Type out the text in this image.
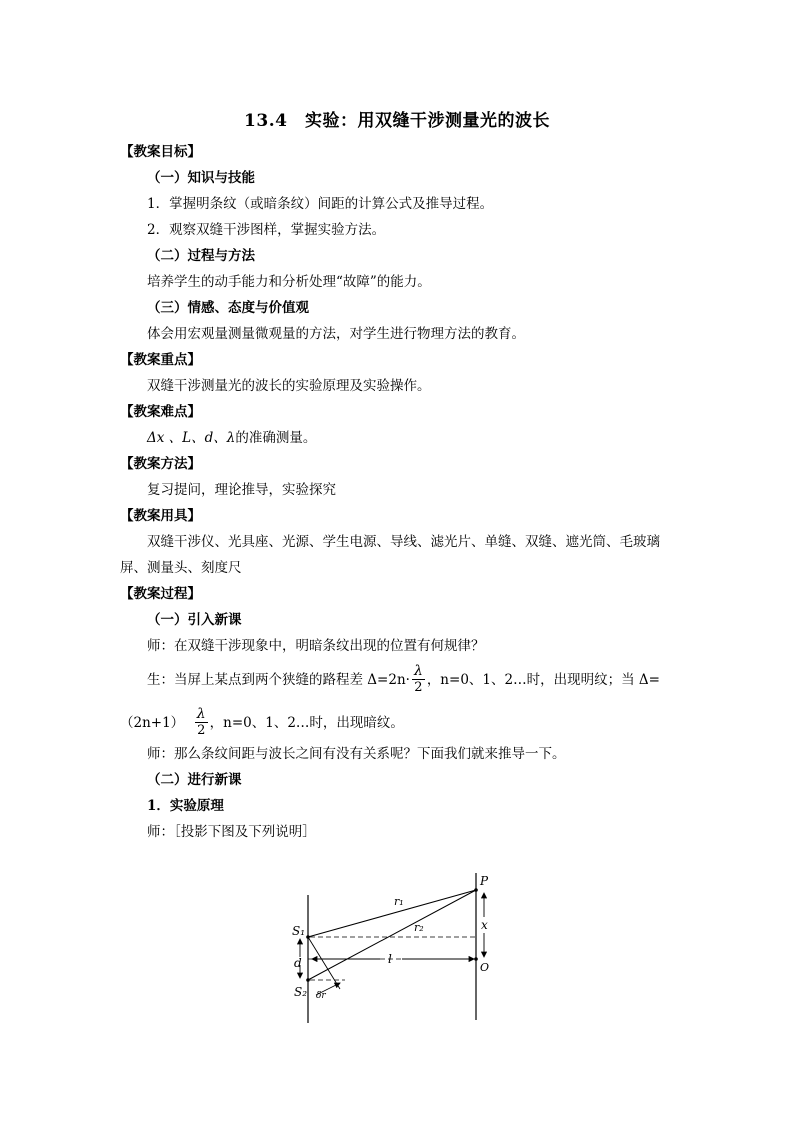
13.4　实验：用双缝干涉测量光的波长
【教案目标】
（一）知识与技能
1．掌握明条纹（或暗条纹）间距的计算公式及推导过程。
2．观察双缝干涉图样，掌握实验方法。
（二）过程与方法
培养学生的动手能力和分析处理“故障”的能力。
（三）情感、态度与价值观
体会用宏观量测量微观量的方法，对学生进行物理方法的教育。
【教案重点】
双缝干涉测量光的波长的实验原理及实验操作。
【教案难点】
Δx 、L、d、λ的准确测量。
【教案方法】
复习提问，理论推导，实验探究
【教案用具】
双缝干涉仪、光具座、光源、学生电源、导线、滤光片、单缝、双缝、遮光筒、毛玻璃
屏、测量头、刻度尺
【教案过程】
（一）引入新课
师：在双缝干涉现象中，明暗条纹出现的位置有何规律？
生：当屏上某点到两个狭缝的路程差 $\Delta=2n\cdot \frac{\lambda}{2}$ ，n=0、1、2…时，出现明纹；当 Δ=
$(2n+1) \frac{\lambda}{2}$ ，n=0、1、2…时，出现暗纹。
师：那么条纹间距与波长之间有没有关系呢？下面我们就来推导一下。
（二）进行新课
1．实验原理
师：［投影下图及下列说明］
P
O
S₁
S₂
r₁
r₂	x
d	l
δr
